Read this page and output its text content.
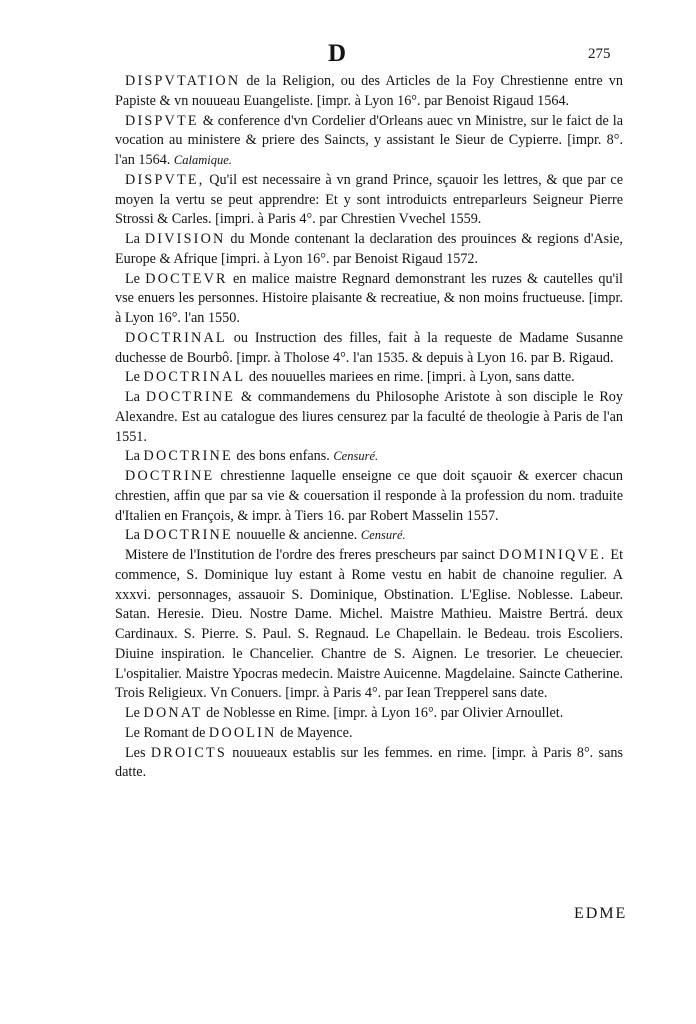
D	275

DISPVTATION de la Religion, ou des Articles de la Foy Chrestienne entre vn Papiste & vn nouueau Euangeliste. [impr. à Lyon 16°. par Benoist Rigaud 1564.

DISPVTE & conference d'vn Cordelier d'Orleans auec vn Ministre, sur le faict de la vocation au ministere & priere des Saincts, y assistant le Sieur de Cypierre. [impr. 8°. l'an 1564. Calamique.

DISPVTE, Qu'il est necessaire à vn grand Prince, sçauoir les lettres, & que par ce moyen la vertu se peut apprendre: Et y sont introduicts entreparleurs Seigneur Pierre Strossi & Carles. [impri. à Paris 4°. par Chrestien Vvechel 1559.

La DIVISION du Monde contenant la declaration des prouinces & regions d'Asie, Europe & Afrique [impri. à Lyon 16°. par Benoist Rigaud 1572.

Le DOCTEVR en malice maistre Regnard demonstrant les ruzes & cautelles qu'il vse enuers les personnes. Histoire plaisante & recreatiue, & non moins fructueuse. [impr. à Lyon 16°. l'an 1550.

DOCTRINAL ou Instruction des filles, fait à la requeste de Madame Susanne duchesse de Bourbô. [impr. à Tholose 4°. l'an 1535. & depuis à Lyon 16. par B. Rigaud.

Le DOCTRINAL des nouuelles mariees en rime. [impri. à Lyon, sans datte.

La DOCTRINE & commandemens du Philosophe Aristote à son disciple le Roy Alexandre. Est au catalogue des liures censurez par la faculté de theologie à Paris de l'an 1551.

La DOCTRINE des bons enfans. Censuré.

DOCTRINE chrestienne laquelle enseigne ce que doit sçauoir & exercer chacun chrestien, affin que par sa vie & couersation il responde à la profession du nom. traduite d'Italien en François, & impr. à Tiers 16. par Robert Masselin 1557.

La DOCTRINE nouuelle & ancienne. Censuré.

Mistere de l'Institution de l'ordre des freres prescheurs par sainct DOMINIQVE. Et commence, S. Dominique luy estant à Rome vestu en habit de chanoine regulier. A xxxvi. personnages, assauoir S. Dominique, Obstination. L'Eglise. Noblesse. Labeur. Satan. Heresie. Dieu. Nostre Dame. Michel. Maistre Mathieu. Maistre Bertrá. deux Cardinaux. S. Pierre. S. Paul. S. Regnaud. Le Chapellain. le Bedeau. trois Escoliers. Diuine inspiration. le Chancelier. Chantre de S. Aignen. Le tresorier. Le cheuecier. L'ospitalier. Maistre Ypocras medecin. Maistre Auicenne. Magdelaine. Saincte Catherine. Trois Religieux. Vn Conuers. [impr. à Paris 4°. par Iean Trepperel sans date.

Le DONAT de Noblesse en Rime. [impr. à Lyon 16°. par Olivier Arnoullet.

Le Romant de DOOLIN de Mayence.

Les DROICTS nouueaux establis sur les femmes. en rime. [impr. à Paris 8°. sans datte.

EDME
